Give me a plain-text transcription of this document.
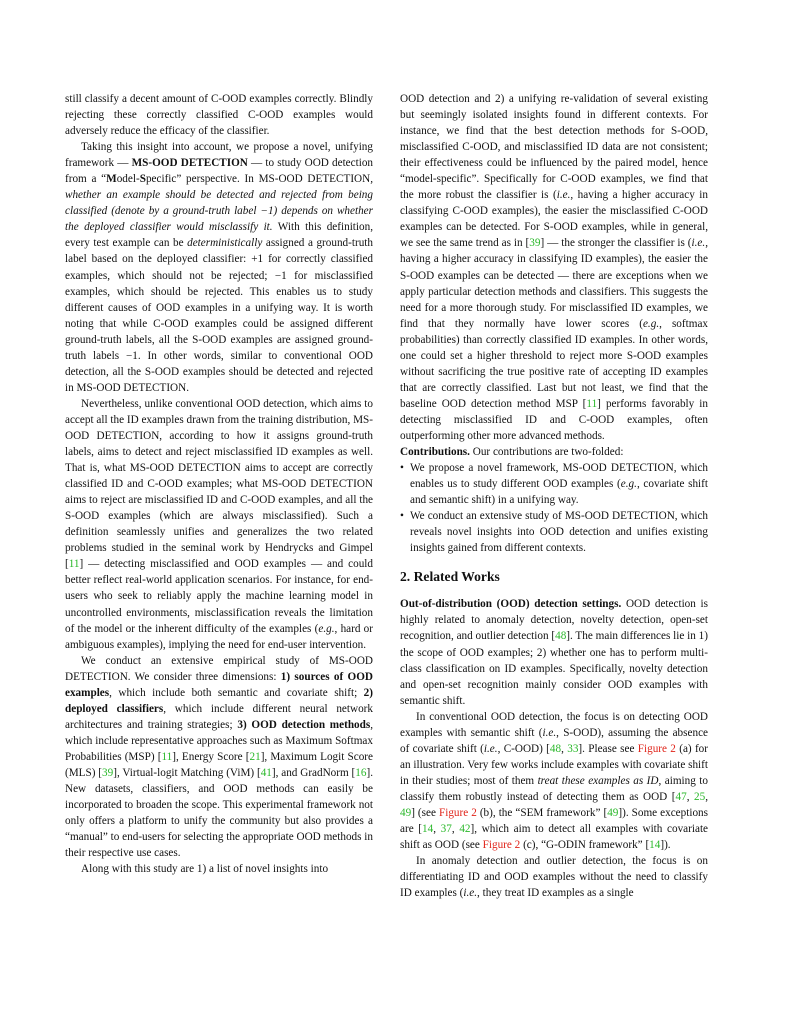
still classify a decent amount of C-OOD examples correctly. Blindly rejecting these correctly classified C-OOD examples would adversely reduce the efficacy of the classifier.

Taking this insight into account, we propose a novel, unifying framework — MS-OOD DETECTION — to study OOD detection from a “Model-Specific” perspective. In MS-OOD DETECTION, whether an example should be detected and rejected from being classified (denote by a ground-truth label −1) depends on whether the deployed classifier would misclassify it. With this definition, every test example can be deterministically assigned a ground-truth label based on the deployed classifier: +1 for correctly classified examples, which should not be rejected; −1 for misclassified examples, which should be rejected. This enables us to study different causes of OOD examples in a unifying way. It is worth noting that while C-OOD examples could be assigned different ground-truth labels, all the S-OOD examples are assigned ground-truth labels −1. In other words, similar to conventional OOD detection, all the S-OOD examples should be detected and rejected in MS-OOD DETECTION.

Nevertheless, unlike conventional OOD detection, which aims to accept all the ID examples drawn from the training distribution, MS-OOD DETECTION, according to how it assigns ground-truth labels, aims to detect and reject misclassified ID examples as well. That is, what MS-OOD DETECTION aims to accept are correctly classified ID and C-OOD examples; what MS-OOD DETECTION aims to reject are misclassified ID and C-OOD examples, and all the S-OOD examples (which are always misclassified). Such a definition seamlessly unifies and generalizes the two related problems studied in the seminal work by Hendrycks and Gimpel [11] — detecting misclassified and OOD examples — and could better reflect real-world application scenarios. For instance, for end-users who seek to reliably apply the machine learning model in uncontrolled environments, misclassification reveals the limitation of the model or the inherent difficulty of the examples (e.g., hard or ambiguous examples), implying the need for end-user intervention.

We conduct an extensive empirical study of MS-OOD DETECTION. We consider three dimensions: 1) sources of OOD examples, which include both semantic and covariate shift; 2) deployed classifiers, which include different neural network architectures and training strategies; 3) OOD detection methods, which include representative approaches such as Maximum Softmax Probabilities (MSP) [11], Energy Score [21], Maximum Logit Score (MLS) [39], Virtual-logit Matching (ViM) [41], and GradNorm [16]. New datasets, classifiers, and OOD methods can easily be incorporated to broaden the scope. This experimental framework not only offers a platform to unify the community but also provides a “manual” to end-users for selecting the appropriate OOD methods in their respective use cases.

Along with this study are 1) a list of novel insights into

OOD detection and 2) a unifying re-validation of several existing but seemingly isolated insights found in different contexts. For instance, we find that the best detection methods for S-OOD, misclassified C-OOD, and misclassified ID data are not consistent; their effectiveness could be influenced by the paired model, hence “model-specific”. Specifically for C-OOD examples, we find that the more robust the classifier is (i.e., having a higher accuracy in classifying C-OOD examples), the easier the misclassified C-OOD examples can be detected. For S-OOD examples, while in general, we see the same trend as in [39] — the stronger the classifier is (i.e., having a higher accuracy in classifying ID examples), the easier the S-OOD examples can be detected — there are exceptions when we apply particular detection methods and classifiers. This suggests the need for a more thorough study. For misclassified ID examples, we find that they normally have lower scores (e.g., softmax probabilities) than correctly classified ID examples. In other words, one could set a higher threshold to reject more S-OOD examples without sacrificing the true positive rate of accepting ID examples that are correctly classified. Last but not least, we find that the baseline OOD detection method MSP [11] performs favorably in detecting misclassified ID and C-OOD examples, often outperforming other more advanced methods.

Contributions. Our contributions are two-folded:

• We propose a novel framework, MS-OOD DETECTION, which enables us to study different OOD examples (e.g., covariate shift and semantic shift) in a unifying way.
• We conduct an extensive study of MS-OOD DETECTION, which reveals novel insights into OOD detection and unifies existing insights gained from different contexts.
2. Related Works

Out-of-distribution (OOD) detection settings. OOD detection is highly related to anomaly detection, novelty detection, open-set recognition, and outlier detection [48]. The main differences lie in 1) the scope of OOD examples; 2) whether one has to perform multi-class classification on ID examples. Specifically, novelty detection and open-set recognition mainly consider OOD examples with semantic shift.

In conventional OOD detection, the focus is on detecting OOD examples with semantic shift (i.e., S-OOD), assuming the absence of covariate shift (i.e., C-OOD) [48, 33]. Please see Figure 2 (a) for an illustration. Very few works include examples with covariate shift in their studies; most of them treat these examples as ID, aiming to classify them robustly instead of detecting them as OOD [47, 25, 49] (see Figure 2 (b), the “SEM framework” [49]). Some exceptions are [14, 37, 42], which aim to detect all examples with covariate shift as OOD (see Figure 2 (c), “G-ODIN framework” [14]).

In anomaly detection and outlier detection, the focus is on differentiating ID and OOD examples without the need to classify ID examples (i.e., they treat ID examples as a single
